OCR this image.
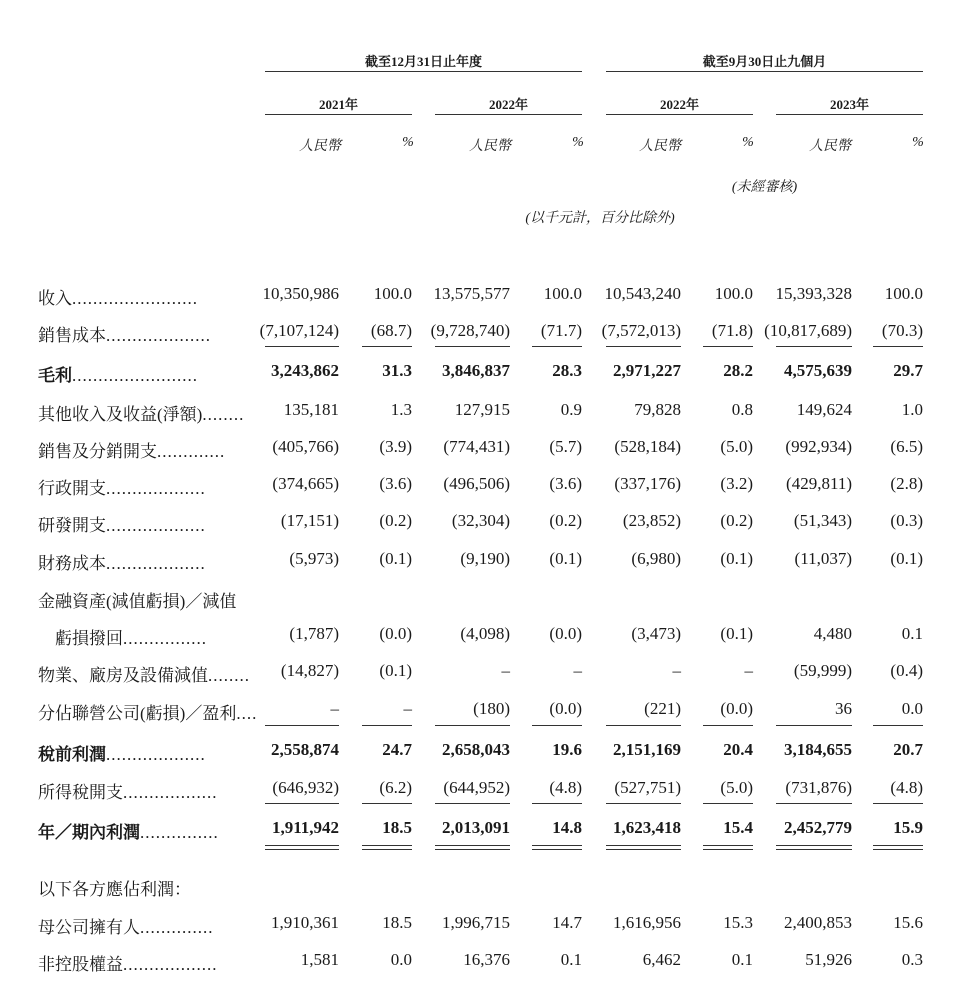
截至12月31日止年度	截至9月30日止九個月
2021年	2022年	2022年	2023年
人民幣	%	人民幣	%	人民幣	%	人民幣	%
(未經審核)
(以千元計，百分比除外)
收入........................	10,350,986 100.0 13,575,577 100.0 10,543,240 100.0 15,393,328 100.0
銷售成本....................	(7,107,124) (68.7) (9,728,740) (71.7) (7,572,013) (71.8) (10,817,689) (70.3)
毛利........................	3,243,862	31.3 3,846,837 28.3 2,971,227 28.2 4,575,639 29.7
其他收入及收益(淨額)........ 135,181	1.3	127,915	0.9	79,828	0.8	149,624	1.0
銷售及分銷開支.............	(405,766) (3.9) (774,431) (5.7) (528,184) (5.0) (992,934) (6.5)
行政開支...................	(374,665) (3.6) (496,506) (3.6) (337,176) (3.2) (429,811) (2.8)
研發開支...................	(17,151) (0.2) (32,304) (0.2) (23,852) (0.2) (51,343) (0.3)
財務成本...................	(5,973) (0.1)	(9,190) (0.1)	(6,980) (0.1) (11,037) (0.1)
金融資產(減值虧損)／減值
　虧損撥回................	(1,787) (0.0)	(4,098) (0.0)	(3,473) (0.1)	4,480	0.1
物業、廠房及設備減值........ (14,827) (0.1)	–	–	–	– (59,999) (0.4)
分佔聯營公司(虧損)／盈利....	–	–	(180) (0.0)	(221) (0.0)	36	0.0
稅前利潤...................	2,558,874	24.7 2,658,043 19.6 2,151,169 20.4 3,184,655 20.7
所得稅開支..................	(646,932) (6.2) (644,952) (4.8) (527,751) (5.0) (731,876) (4.8)
年／期內利潤...............	1,911,942	18.5 2,013,091 14.8 1,623,418 15.4 2,452,779 15.9
以下各方應佔利潤：
母公司擁有人..............	1,910,361	18.5 1,996,715 14.7 1,616,956 15.3 2,400,853 15.6
非控股權益..................	1,581	0.0	16,376	0.1	6,462	0.1	51,926	0.3
